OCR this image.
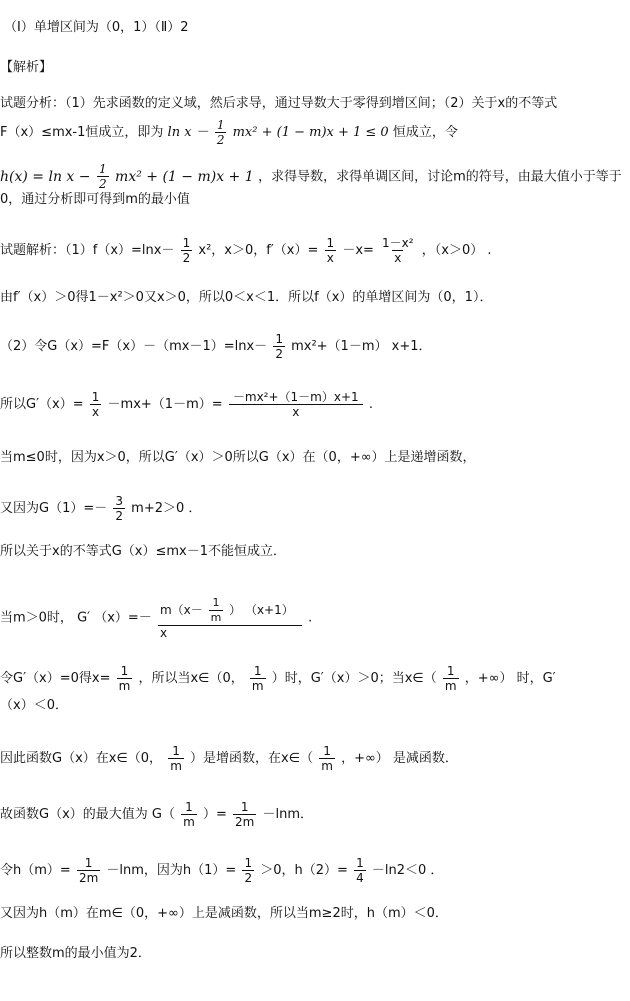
（Ⅰ）单增区间为（0，1）（Ⅱ）2
【解析】
试题分析：（1）先求函数的定义域，然后求导，通过导数大于零得到增区间；（2）关于x的不等式
F（x）≤mx-1恒成立，即为 $\ln x - \frac{1}{2} mx^2 + (1 - m)x + 1 \le 0$ 恒成立，令
$h(x) = \ln x - \frac{1}{2} mx^2 + (1 - m)x + 1$ ，求得导数，求得单调区间，讨论m的符号，由最大值小于等于
0，通过分析即可得到m的最小值
试题解析：$(1)f(x)=\ln x- \frac{1}{2} x^2$，x＞0，$f'(x)= \frac{1}{x} -x= \frac{\text{1－x²}}{x}$ ，（x＞0） .
由f′（x）＞0得1－x²＞0又x＞0，所以0＜x＜1．所以f（x）的单增区间为（0，1）．
（2）令$G(x)=F(x)-(mx-1)=\ln x- \frac{1}{2} mx^2+(1-m)$ x+1．
所以$G'(x)= \frac{1}{x} -mx+(1-m)= \frac{\text{－mx²+（1－m）x+1}}{x}$ .
当m≤0时，因为x＞0，所以G′（x）＞0所以G（x）在（0，+∞）上是递增函数，
又因为$G(1)=- \frac{3}{2} m+2>0$ ．
所以关于x的不等式G（x）≤mx－1不能恒成立．
当m＞0时， G′ $(x)=- \frac{m(x- \frac{1}{m} ) (x+1)}{x}$ .
令G′（x）=0得$x= \frac{1}{m}$ ，所以当x∈（0， $\frac{1}{m}$ ）时，G′（x）＞0；当x∈（ $\frac{1}{m}$ ，+∞） 时，G′
（x）＜0．
因此函数G（x）在x∈（0， $\frac{1}{m}$ ）是增函数，在x∈（ $\frac{1}{m}$ ，+∞） 是减函数．
故函数G（x）的最大值为 $G( \frac{1}{m}$ ）= $\frac{1}{2m} -\ln m$．
令$h(m)= \frac{1}{2m} -\ln m$，因为$h(1)= \frac{1}{2} >0$，$h(2)= \frac{1}{4} -\ln 2<0$ ．
又因为h（m）在m∈（0，+∞）上是减函数，所以当m≥2时，h（m）＜0．
所以整数m的最小值为2．
